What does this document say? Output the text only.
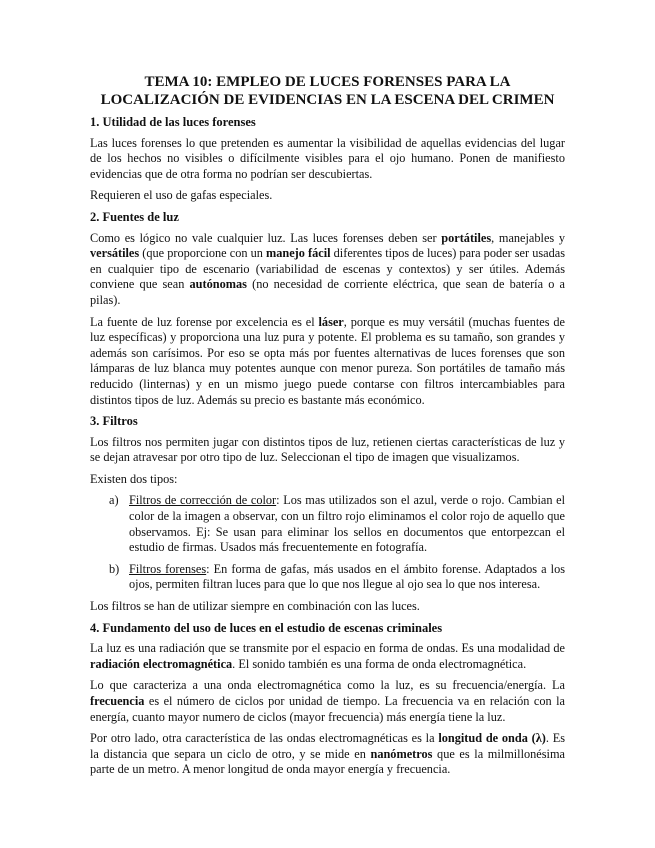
TEMA 10: EMPLEO DE LUCES FORENSES PARA LA
LOCALIZACIÓN DE EVIDENCIAS EN LA ESCENA DEL CRIMEN
1. Utilidad de las luces forenses

Las luces forenses lo que pretenden es aumentar la visibilidad de aquellas evidencias del lugar de los hechos no visibles o difícilmente visibles para el ojo humano. Ponen de manifiesto evidencias que de otra forma no podrían ser descubiertas.

Requieren el uso de gafas especiales.

2. Fuentes de luz

Como es lógico no vale cualquier luz. Las luces forenses deben ser portátiles, manejables y versátiles (que proporcione con un manejo fácil diferentes tipos de luces) para poder ser usadas en cualquier tipo de escenario (variabilidad de escenas y contextos) y ser útiles. Además conviene que sean autónomas (no necesidad de corriente eléctrica, que sean de batería o a pilas).

La fuente de luz forense por excelencia es el láser, porque es muy versátil (muchas fuentes de luz específicas) y proporciona una luz pura y potente. El problema es su tamaño, son grandes y además son carísimos. Por eso se opta más por fuentes alternativas de luces forenses que son lámparas de luz blanca muy potentes aunque con menor pureza. Son portátiles de tamaño más reducido (linternas) y en un mismo juego puede contarse con filtros intercambiables para distintos tipos de luz. Además su precio es bastante más económico.

3. Filtros

Los filtros nos permiten jugar con distintos tipos de luz, retienen ciertas características de luz y se dejan atravesar por otro tipo de luz. Seleccionan el tipo de imagen que visualizamos.

Existen dos tipos:

a) Filtros de corrección de color: Los mas utilizados son el azul, verde o rojo. Cambian el color de la imagen a observar, con un filtro rojo eliminamos el color rojo de aquello que observamos. Ej: Se usan para eliminar los sellos en documentos que entorpezcan el estudio de firmas. Usados más frecuentemente en fotografía.
b) Filtros forenses: En forma de gafas, más usados en el ámbito forense. Adaptados a los ojos, permiten filtran luces para que lo que nos llegue al ojo sea lo que nos interesa.

Los filtros se han de utilizar siempre en combinación con las luces.

4. Fundamento del uso de luces en el estudio de escenas criminales

La luz es una radiación que se transmite por el espacio en forma de ondas. Es una modalidad de radiación electromagnética. El sonido también es una forma de onda electromagnética.

Lo que caracteriza a una onda electromagnética como la luz, es su frecuencia/energía. La frecuencia es el número de ciclos por unidad de tiempo. La frecuencia va en relación con la energía, cuanto mayor numero de ciclos (mayor frecuencia) más energía tiene la luz.

Por otro lado, otra característica de las ondas electromagnéticas es la longitud de onda (λ). Es la distancia que separa un ciclo de otro, y se mide en nanómetros que es la milmillonésima parte de un metro. A menor longitud de onda mayor energía y frecuencia.
